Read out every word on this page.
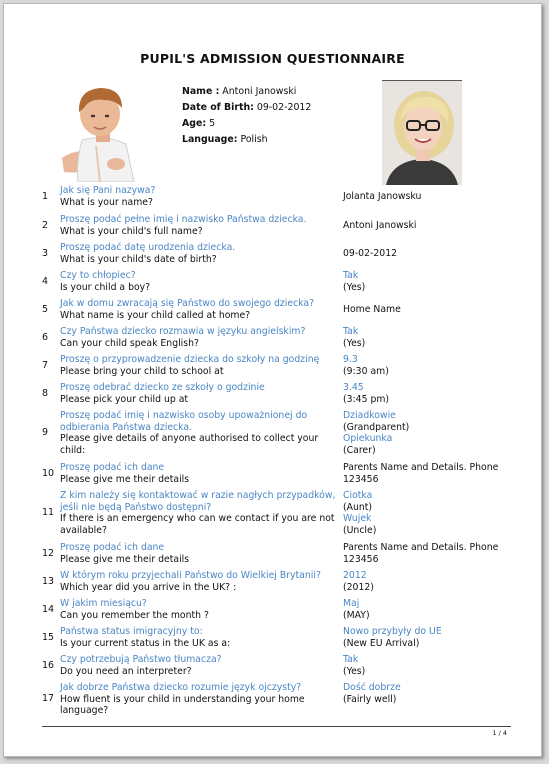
PUPIL'S ADMISSION QUESTIONNAIRE
Name : Antoni Janowski
Date of Birth: 09-02-2012
Age: 5
Language: Polish
1 Jak się Pani nazywa?
What is your name?
Jolanta Janowsku
2 Proszę podać pełne imię i nazwisko Państwa dziecka.
What is your child's full name?
Antoni Janowski
3 Proszę podać datę urodzenia dziecka.
What is your child's date of birth?
09-02-2012
4 Czy to chłopiec?
Is your child a boy?
Tak
(Yes)
5 Jak w domu zwracają się Państwo do swojego dziecka?
What name is your child called at home?
Home Name
6 Czy Państwa dziecko rozmawia w języku angielskim?
Can your child speak English?
Tak
(Yes)
7 Proszę o przyprowadzenie dziecka do szkoły na godzinę
Please bring your child to school at
9.3
(9:30 am)
8 Proszę odebrać dziecko ze szkoły o godzinie
Please pick your child up at
3.45
(3:45 pm)
9
Proszę podać imię i nazwisko osoby upoważnionej do odbierania Państwa dziecka.
Please give details of anyone authorised to collect your child:
Dziadkowie
(Grandparent)
Opiekunka
(Carer)
10 Proszę podać ich dane
Please give me their details
Parents Name and Details. Phone 123456
11
Z kim należy się kontaktować w razie nagłych przypadków, jeśli nie będą Państwo dostępni?
If there is an emergency who can we contact if you are not available?
Ciotka
(Aunt)
Wujek
(Uncle)
12 Proszę podać ich dane
Please give me their details
Parents Name and Details. Phone 123456
13 W którym roku przyjechali Państwo do Wielkiej Brytanii?
Which year did you arrive in the UK? :
2012
(2012)
14 W jakim miesiącu?
Can you remember the month ?
Maj
(MAY)
15 Państwa status imigracyjny to:
Is your current status in the UK as a:
Nowo przybyły do UE
(New EU Arrival)
16 Czy potrzebują Państwo tłumacza?
Do you need an interpreter?
Tak
(Yes)
17
Jak dobrze Państwa dziecko rozumie język ojczysty?
How fluent is your child in understanding your home language?
Dość dobrze
(Fairly well)
1 / 4
